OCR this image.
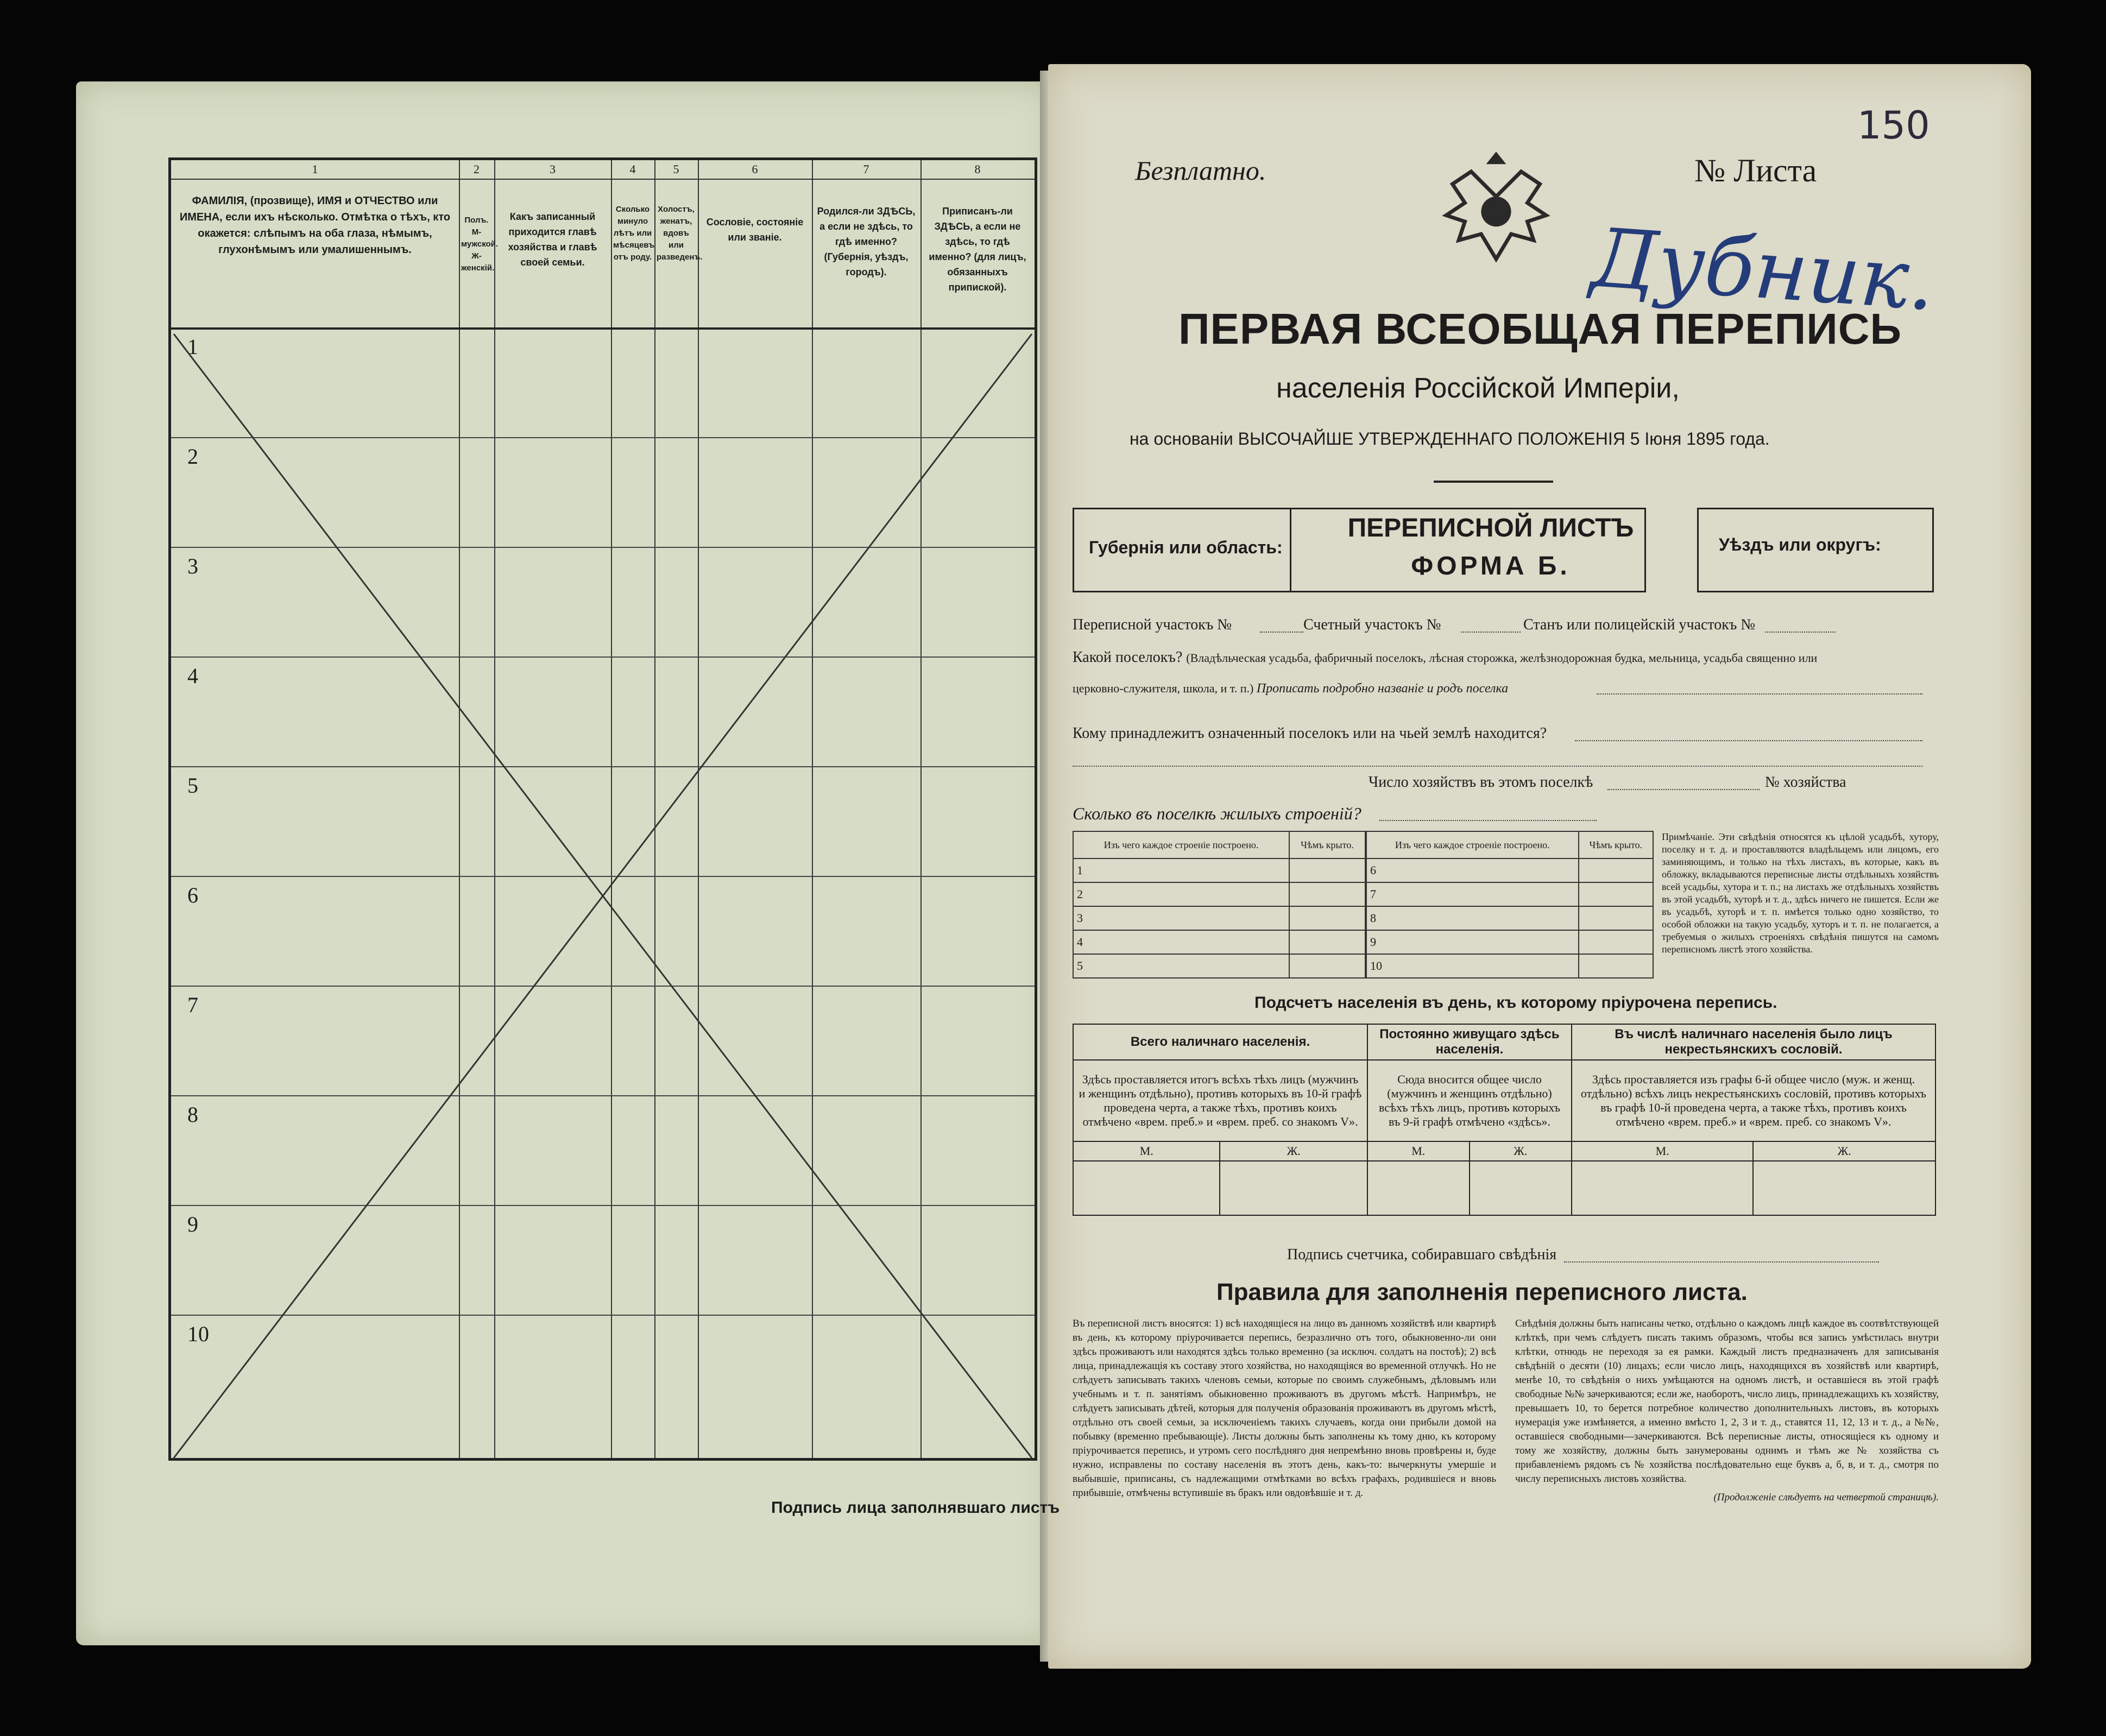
1	2	3	4	5	6	7	8
ФАМИЛІЯ, (прозвище), ИМЯ и ОТЧЕСТВО или ИМЕНА, если ихъ нѣсколько. Отмѣтка о тѣхъ, кто окажется: слѣпымъ на оба глаза, нѣмымъ, глухонѣмымъ или умалишеннымъ.
Полъ. М-мужской. Ж-женскій.
Какъ записанный приходится главѣ хозяйства и главѣ своей семьи.
Сколько минуло лѣтъ или мѣсяцевъ отъ роду.
Холостъ, женатъ, вдовъ или разведенъ.
Сословіе, состояніе или званіе.
Родился-ли ЗДѢСЬ, а если не здѣсь, то гдѣ именно? (Губернія, уѣздъ, городъ).
Приписанъ-ли ЗДѢСЬ, а если не здѣсь, то гдѣ именно? (для лицъ, обязанныхъ припиской).
1
2
3
4
5
6
7
8
9
10
Подпись лица заполнявшаго листъ
Безплатно.	№ Листа
150
Дубник.
ПЕРВАЯ ВСЕОБЩАЯ ПЕРЕПИСЬ
населенія Россійской Имперіи,
на основаніи ВЫСОЧАЙШЕ УТВЕРЖДЕННАГО ПОЛОЖЕНІЯ 5 Іюня 1895 года.
Губернія или область:	Уѣздъ или округъ:
ПЕРЕПИСНОЙ ЛИСТЪ
ФОРМА Б.
Переписной участокъ №	Счетный участокъ №	Станъ или полицейскій участокъ №
Какой поселокъ? (Владѣльческая усадьба, фабричный поселокъ, лѣсная сторожка, желѣзнодорожная будка, мельница, усадьба священно или
церковно-служителя, школа, и т. п.) Прописать подробно названіе и родъ поселка
Кому принадлежитъ означенный поселокъ или на чьей землѣ находится?
Число хозяйствъ въ этомъ поселкѣ	№ хозяйства
Сколько въ поселкѣ жилыхъ строеній?
Изъ чего каждое строеніе построено.	Чѣмъ крыто.
1	
2	
3	
4	
5	
Изъ чего каждое строеніе построено.	Чѣмъ крыто.
6	
7	
8	
9	
10	
Примѣчаніе. Эти свѣдѣнія относятся къ цѣлой усадьбѣ, хутору, поселку и т. д. и проставляются владѣльцемъ или лицомъ, его заминяющимъ, и только на тѣхъ листахъ, въ которые, какъ въ обложку, вкладываются переписные листы отдѣльныхъ хозяйствъ всей усадьбы, хутора и т. п.; на листахъ же отдѣльныхъ хозяйствъ въ этой усадьбѣ, хуторѣ и т. д., здѣсь ничего не пишется. Если же въ усадьбѣ, хуторѣ и т. п. имѣется только одно хозяйство, то особой обложки на такую усадьбу, хуторъ и т. п. не полагается, а требуемыя о жилыхъ строеніяхъ свѣдѣнія пишутся на самомъ переписномъ листѣ этого хозяйства.
Подсчетъ населенія въ день, къ которому пріурочена перепись.
Всего наличнаго населенія.		Постоянно живущаго здѣсь населенія.		Въ числѣ наличнаго населенія было лицъ некрестьянскихъ сословій.	
Здѣсь проставляется итогъ всѣхъ тѣхъ лицъ (мужчинъ и женщинъ отдѣльно), противъ которыхъ въ 10-й графѣ проведена черта, а также тѣхъ, противъ коихъ отмѣчено «врем. преб.» и «врем. преб. со знакомъ V».		Сюда вносится общее число (мужчинъ и женщинъ отдѣльно) всѣхъ тѣхъ лицъ, противъ которыхъ въ 9-й графѣ отмѣчено «здѣсь».		Здѣсь проставляется изъ графы 6-й общее число (муж. и женщ. отдѣльно) всѣхъ лицъ некрестьянскихъ сословій, противъ которыхъ въ графѣ 10-й проведена черта, а также тѣхъ, противъ коихъ отмѣчено «врем. преб.» и «врем. преб. со знакомъ V».	
М.	Ж.	М.	Ж.	М.	Ж.

Подпись счетчика, собиравшаго свѣдѣнія
Правила для заполненія переписного листа.
Въ переписной листъ вносятся: 1) всѣ находящіеся на лицо въ данномъ хозяйствѣ или квартирѣ въ день, къ которому пріурочивается перепись, безразлично отъ того, обыкновенно-ли они здѣсь проживаютъ или находятся здѣсь только временно (за исключ. солдатъ на постоѣ); 2) всѣ лица, принадлежащія къ составу этого хозяйства, но находящіяся во временной отлучкѣ. Но не слѣдуетъ записывать такихъ членовъ семьи, которые по своимъ служебнымъ, дѣловымъ или учебнымъ и т. п. занятіямъ обыкновенно проживаютъ въ другомъ мѣстѣ. Напримѣръ, не слѣдуетъ записывать дѣтей, которыя для полученія образованія проживаютъ въ другомъ мѣстѣ, отдѣльно отъ своей семьи, за исключеніемъ такихъ случаевъ, когда они прибыли домой на побывку (временно пребывающіе). Листы должны быть заполнены къ тому дню, къ которому пріурочивается перепись, и утромъ сего послѣдняго дня непремѣнно вновь провѣрены и, буде нужно, исправлены по составу населенія въ этотъ день, какъ-то: вычеркнуты умершіе и выбывшіе, приписаны, съ надлежащими отмѣтками во всѣхъ графахъ, родившіеся и вновь прибывшіе, отмѣчены вступившіе въ бракъ или овдовѣвшіе и т. д.
Свѣдѣнія должны быть написаны четко, отдѣльно о каждомъ лицѣ каждое въ соотвѣтствующей клѣткѣ, при чемъ слѣдуетъ писать такимъ образомъ, чтобы вся запись умѣстилась внутри клѣтки, отнюдь не переходя за ея рамки. Каждый листъ предназначенъ для записыванія свѣдѣній о десяти (10) лицахъ; если число лицъ, находящихся въ хозяйствѣ или квартирѣ, менѣе 10, то свѣдѣнія о нихъ умѣщаются на одномъ листѣ, и оставшіеся въ этой графѣ свободные №№ зачеркиваются; если же, наоборотъ, число лицъ, принадлежащихъ къ хозяйству, превышаетъ 10, то берется потребное количество дополнительныхъ листовъ, въ которыхъ нумерація уже измѣняется, а именно вмѣсто 1, 2, 3 и т. д., ставятся 11, 12, 13 и т. д., а №№, оставшіеся свободными—зачеркиваются. Всѣ переписные листы, относящіеся къ одному и тому же хозяйству, должны быть занумерованы однимъ и тѣмъ же № хозяйства съ прибавленіемъ рядомъ съ № хозяйства послѣдовательно еще буквъ а, б, в, и т. д., смотря по числу переписныхъ листовъ хозяйства.
(Продолженіе слѣдуетъ на четвертой страницѣ).
